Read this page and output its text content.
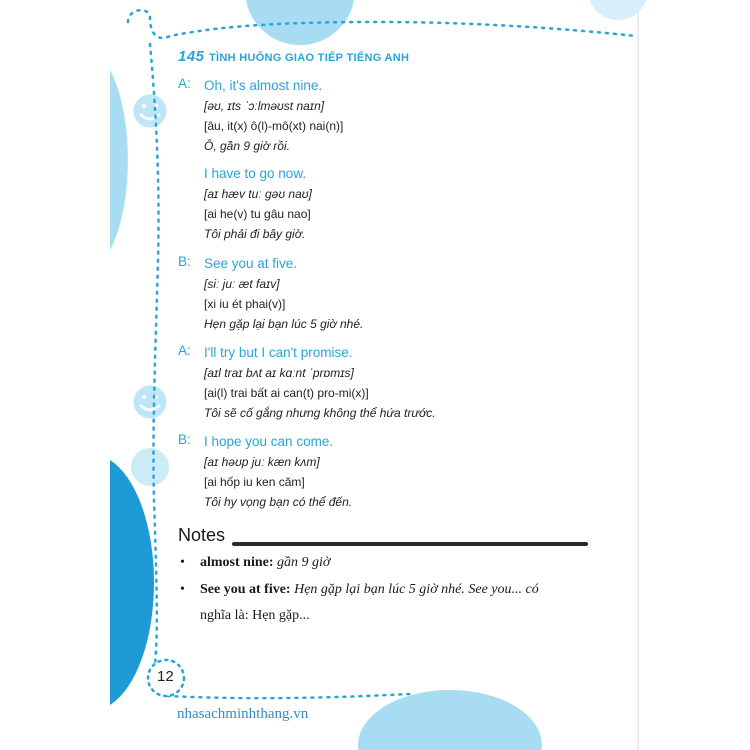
145 TÌNH HUỐNG GIAO TIẾP TIẾNG ANH
A: Oh, it's almost nine.
[əʊ, ɪts ˈɔːlməʊst naɪn]
[âu, it(x) ô(l)-mô(xt) nai(n)]
Ô, gần 9 giờ rồi.
I have to go now.
[aɪ hæv tuː gəʊ naʊ]
[ai he(v) tu gâu nao]
Tôi phải đi bây giờ.
B: See you at five.
[siː juː æt faɪv]
[xi iu ét phai(v)]
Hẹn gặp lại bạn lúc 5 giờ nhé.
A: I'll try but I can't promise.
[aɪl traɪ bʌt aɪ kɑːnt ˈprɒmɪs]
[ai(l) trai bất ai can(t) pro-mi(x)]
Tôi sẽ cố gắng nhưng không thể hứa trước.
B: I hope you can come.
[aɪ həʊp juː kæn kʌm]
[ai hốp iu ken căm]
Tôi hy vọng bạn có thể đến.
Notes
•	almost nine: gần 9 giờ
•	See you at five: Hẹn gặp lại bạn lúc 5 giờ nhé. See you... có
nghĩa là: Hẹn gặp...
12
nhasachminhthang.vn
